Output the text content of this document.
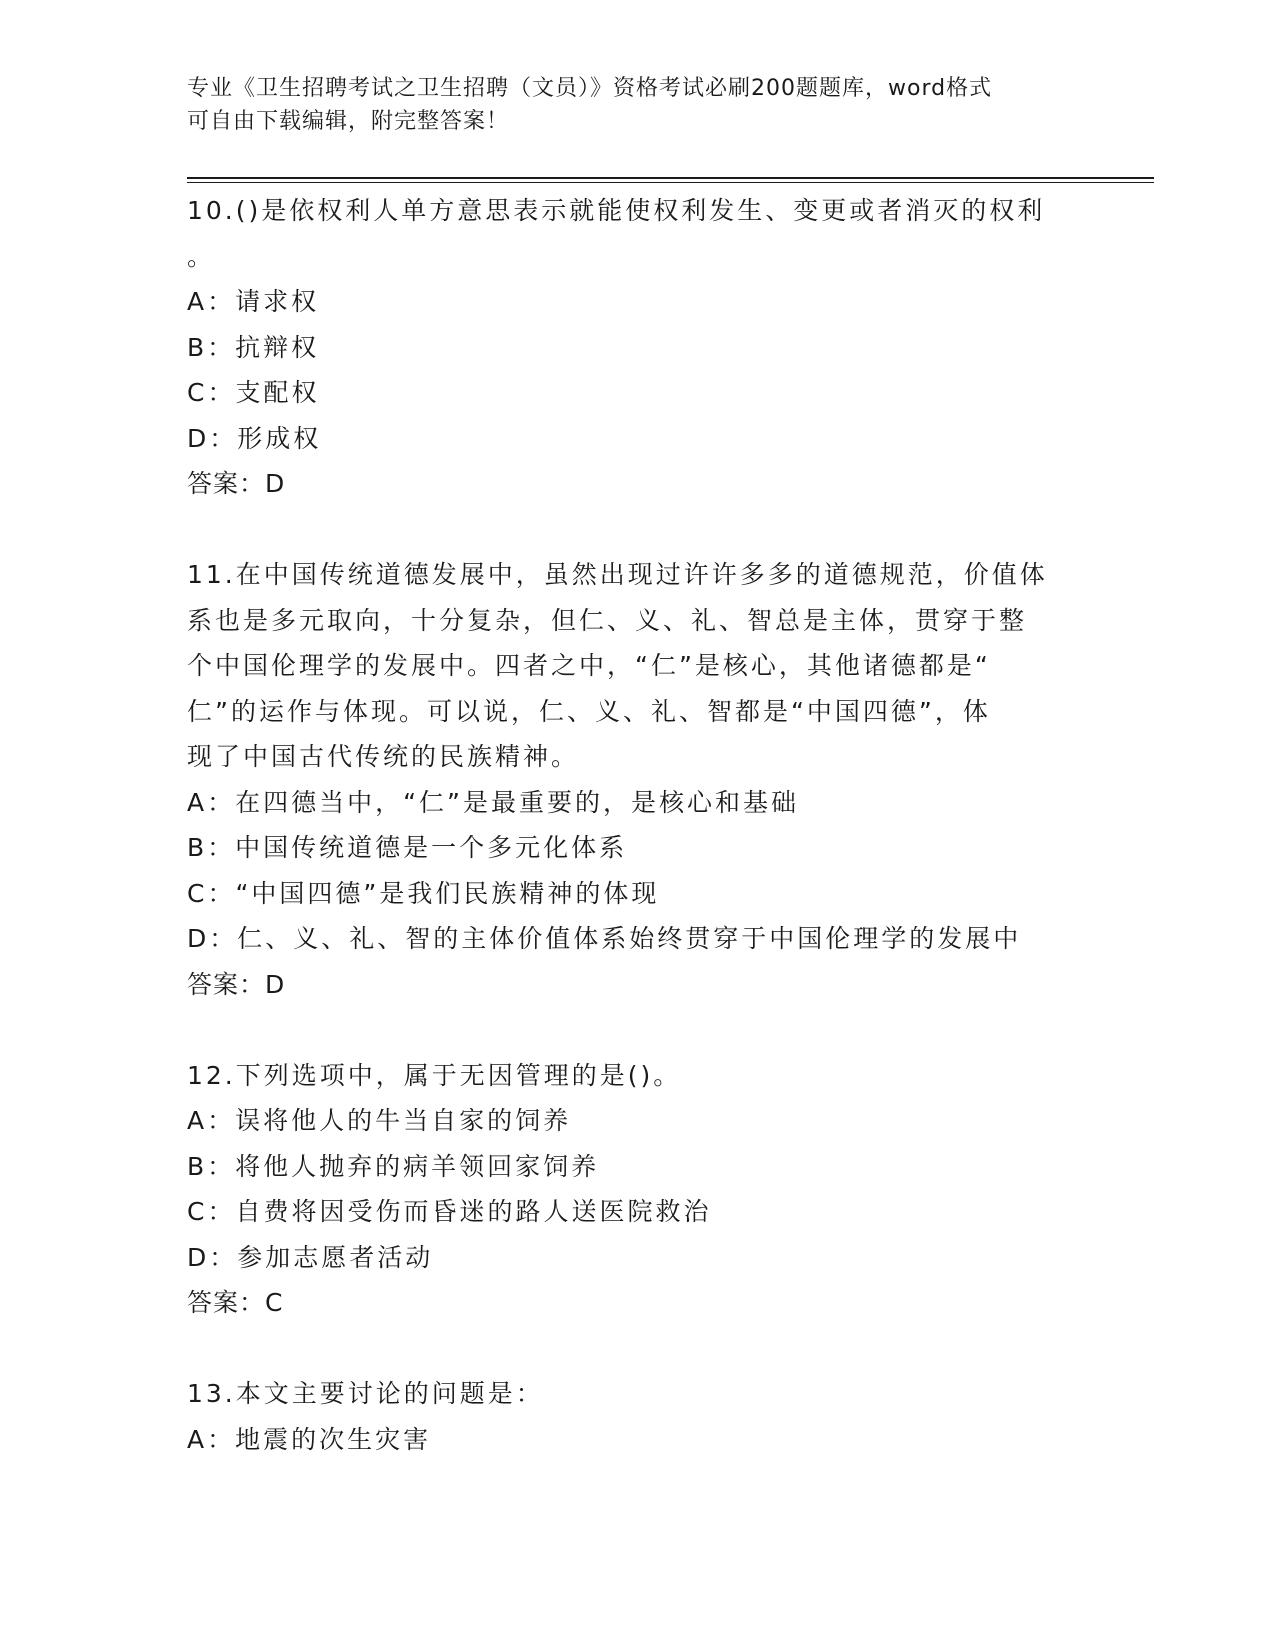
专业《卫生招聘考试之卫生招聘（文员）》资格考试必刷200题题库，word格式
可自由下载编辑，附完整答案！
10.()是依权利人单方意思表示就能使权利发生、变更或者消灭的权利
。
A：请求权
B：抗辩权
C：支配权
D：形成权
答案：D
11.在中国传统道德发展中，虽然出现过许许多多的道德规范，价值体
系也是多元取向，十分复杂，但仁、义、礼、智总是主体，贯穿于整
个中国伦理学的发展中。四者之中，“仁”是核心，其他诸德都是“
仁”的运作与体现。可以说，仁、义、礼、智都是“中国四德”，体
现了中国古代传统的民族精神。
A：在四德当中，“仁”是最重要的，是核心和基础
B：中国传统道德是一个多元化体系
C：“中国四德”是我们民族精神的体现
D：仁、义、礼、智的主体价值体系始终贯穿于中国伦理学的发展中
答案：D
12.下列选项中，属于无因管理的是()。
A：误将他人的牛当自家的饲养
B：将他人抛弃的病羊领回家饲养
C：自费将因受伤而昏迷的路人送医院救治
D：参加志愿者活动
答案：C
13.本文主要讨论的问题是：
A：地震的次生灾害
